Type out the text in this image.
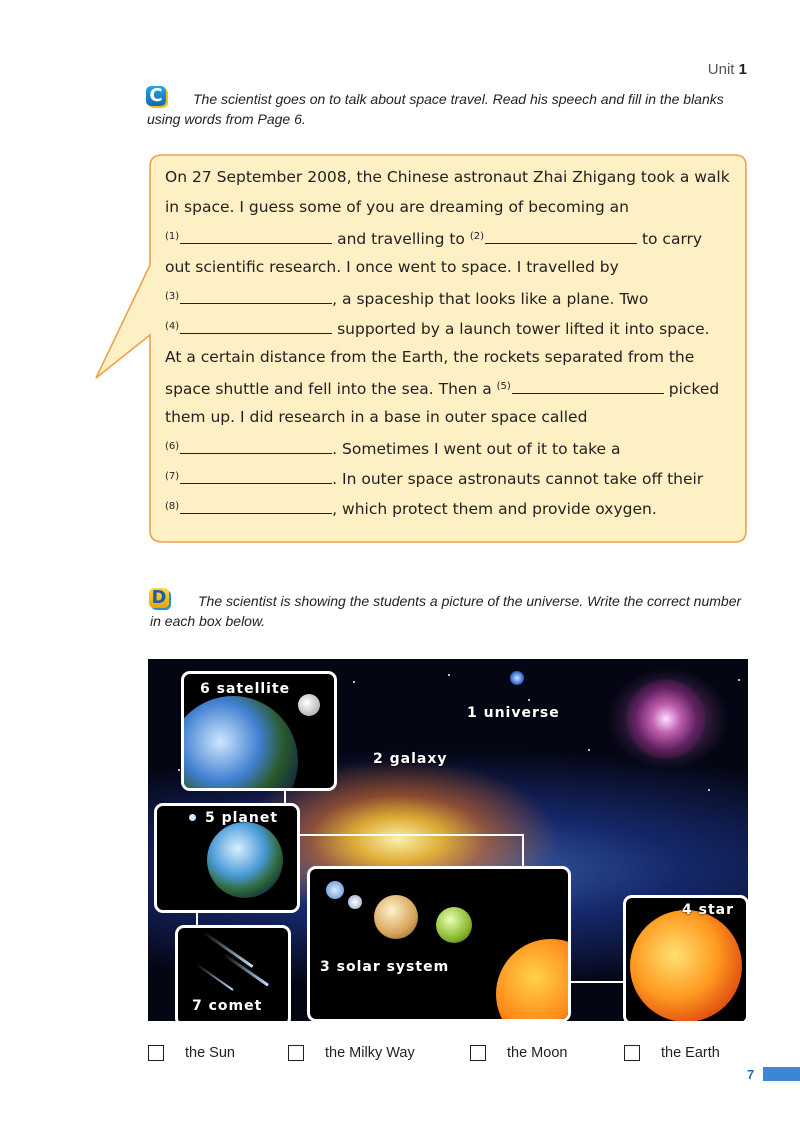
Unit 1
C	The scientist goes on to talk about space travel. Read his speech and fill in the blanks using words from Page 6.
On 27 September 2008, the Chinese astronaut Zhai Zhigang took a walk
in space. I guess some of you are dreaming of becoming an
$^{(1)}$	and travelling to $^{(2)}$	to carry
out scientific research. I once went to space. I travelled by
$^{(3)}$	, a spaceship that looks like a plane. Two
$^{(4)}$	supported by a launch tower lifted it into space.
At a certain distance from the Earth, the rockets separated from the
space shuttle and fell into the sea. Then a $^{(5)}$	picked
them up. I did research in a base in outer space called
$^{(6)}$	. Sometimes I went out of it to take a
$^{(7)}$	. In outer space astronauts cannot take off their
$^{(8)}$	, which protect them and provide oxygen.
D	The scientist is showing the students a picture of the universe. Write the correct number in each box below.
6 satellite
1 universe
2 galaxy
5 planet
7 comet
3 solar system
4 star
the Sun	the Milky Way	the Moon	the Earth
7
